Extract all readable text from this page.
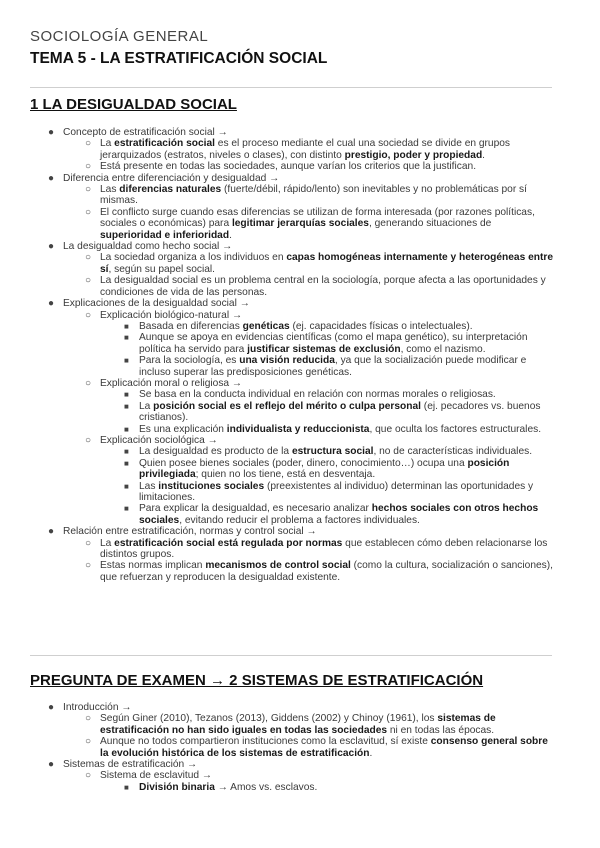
SOCIOLOGÍA GENERAL
TEMA 5 - LA ESTRATIFICACIÓN SOCIAL
1 LA DESIGUALDAD SOCIAL
● Concepto de estratificación social →
○ La estratificación social es el proceso mediante el cual una sociedad se divide en grupos jerarquizados (estratos, niveles o clases), con distinto prestigio, poder y propiedad.
○ Está presente en todas las sociedades, aunque varían los criterios que la justifican.
● Diferencia entre diferenciación y desigualdad →
○ Las diferencias naturales (fuerte/débil, rápido/lento) son inevitables y no problemáticas por sí mismas.
○ El conflicto surge cuando esas diferencias se utilizan de forma interesada (por razones políticas, sociales o económicas) para legitimar jerarquías sociales, generando situaciones de superioridad e inferioridad.
● La desigualdad como hecho social →
○ La sociedad organiza a los individuos en capas homogéneas internamente y heterogéneas entre sí, según su papel social.
○ La desigualdad social es un problema central en la sociología, porque afecta a las oportunidades y condiciones de vida de las personas.
● Explicaciones de la desigualdad social →
○ Explicación biológico-natural →
■ Basada en diferencias genéticas (ej. capacidades físicas o intelectuales).
■ Aunque se apoya en evidencias científicas (como el mapa genético), su interpretación política ha servido para justificar sistemas de exclusión, como el nazismo.
■ Para la sociología, es una visión reducida, ya que la socialización puede modificar e incluso superar las predisposiciones genéticas.
○ Explicación moral o religiosa →
■ Se basa en la conducta individual en relación con normas morales o religiosas.
■ La posición social es el reflejo del mérito o culpa personal (ej. pecadores vs. buenos cristianos).
■ Es una explicación individualista y reduccionista, que oculta los factores estructurales.
○ Explicación sociológica →
■ La desigualdad es producto de la estructura social, no de características individuales.
■ Quien posee bienes sociales (poder, dinero, conocimiento…) ocupa una posición privilegiada; quien no los tiene, está en desventaja.
■ Las instituciones sociales (preexistentes al individuo) determinan las oportunidades y limitaciones.
■ Para explicar la desigualdad, es necesario analizar hechos sociales con otros hechos sociales, evitando reducir el problema a factores individuales.
● Relación entre estratificación, normas y control social →
○ La estratificación social está regulada por normas que establecen cómo deben relacionarse los distintos grupos.
○ Estas normas implican mecanismos de control social (como la cultura, socialización o sanciones), que refuerzan y reproducen la desigualdad existente.
PREGUNTA DE EXAMEN → 2 SISTEMAS DE ESTRATIFICACIÓN
● Introducción →
○ Según Giner (2010), Tezanos (2013), Giddens (2002) y Chinoy (1961), los sistemas de estratificación no han sido iguales en todas las sociedades ni en todas las épocas.
○ Aunque no todos compartieron instituciones como la esclavitud, sí existe consenso general sobre la evolución histórica de los sistemas de estratificación.
● Sistemas de estratificación →
○ Sistema de esclavitud →
■ División binaria → Amos vs. esclavos.
